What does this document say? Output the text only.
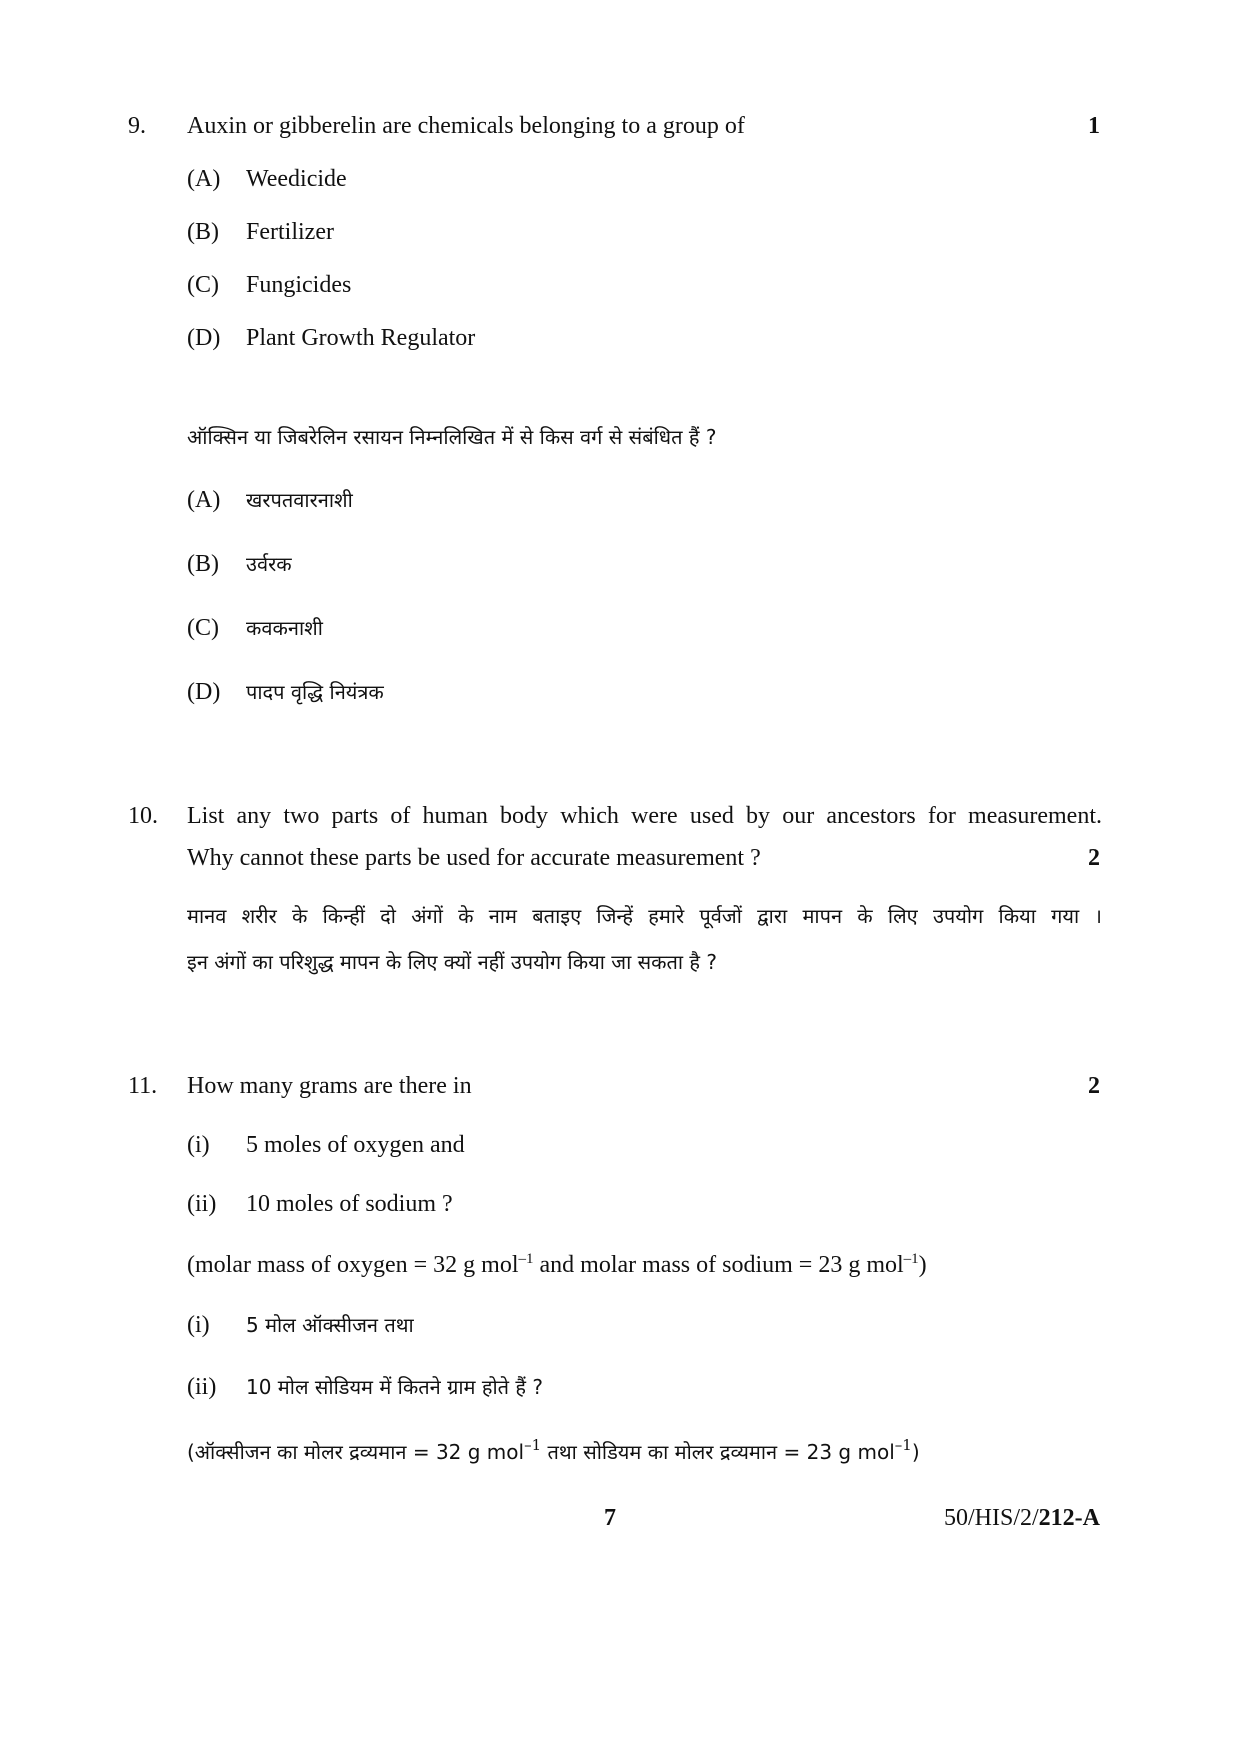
9. Auxin or gibberelin are chemicals belonging to a group of	1
(A) Weedicide
(B) Fertilizer
(C) Fungicides
(D) Plant Growth Regulator
ऑक्सिन या जिबरेलिन रसायन निम्नलिखित में से किस वर्ग से संबंधित हैं ?
(A) खरपतवारनाशी
(B) उर्वरक
(C) कवकनाशी
(D) पादप वृद्धि नियंत्रक
10. List any two parts of human body which were used by our ancestors for measurement.
Why cannot these parts be used for accurate measurement ?	2
मानव शरीर के किन्हीं दो अंगों के नाम बताइए जिन्हें हमारे पूर्वजों द्वारा मापन के लिए उपयोग किया गया ।
इन अंगों का परिशुद्ध मापन के लिए क्यों नहीं उपयोग किया जा सकता है ?
11. How many grams are there in	2
(i) 5 moles of oxygen and
(ii) 10 moles of sodium ?
(molar mass of oxygen = 32 g mol$^{-1}$ and molar mass of sodium = 23 g mol$^{-1}$)
(i) 5 मोल ऑक्सीजन तथा
(ii) 10 मोल सोडियम में कितने ग्राम होते हैं ?
(ऑक्सीजन का मोलर द्रव्यमान = 32 g mol$^{-1}$ तथा सोडियम का मोलर द्रव्यमान = 23 g mol$^{-1}$)
7	50/HIS/2/212-A
